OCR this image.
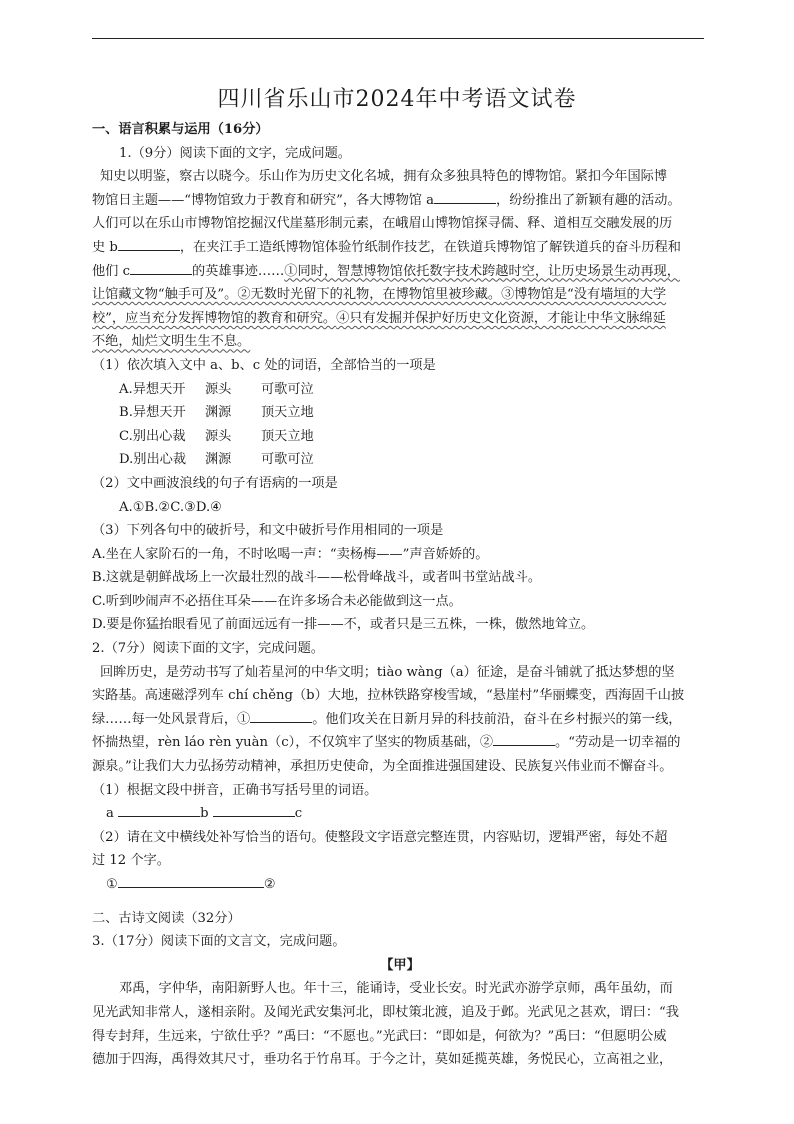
四川省乐山市2024年中考语文试卷
一、语言积累与运用（16分）
1.（9分）阅读下面的文字，完成问题。
知史以明鉴，察古以晓今。乐山作为历史文化名城，拥有众多独具特色的博物馆。紧扣今年国际博
物馆日主题——“博物馆致力于教育和研究”，各大博物馆 a	，纷纷推出了新颖有趣的活动。
人们可以在乐山市博物馆挖掘汉代崖墓形制元素，在峨眉山博物馆探寻儒、释、道相互交融发展的历
史 b	，在夹江手工造纸博物馆体验竹纸制作技艺，在铁道兵博物馆了解铁道兵的奋斗历程和
他们 c	的英雄事迹……①同时，智慧博物馆依托数字技术跨越时空，让历史场景生动再现，
让馆藏文物“触手可及”。②无数时光留下的礼物，在博物馆里被珍藏。③博物馆是“没有墙垣的大学
校”，应当充分发挥博物馆的教育和研究。④只有发掘并保护好历史文化资源，才能让中华文脉绵延
不绝，灿烂文明生生不息。
（1）依次填入文中 a、b、c 处的词语，全部恰当的一项是
A.异想天开 源头 可歌可泣
B.异想天开 渊源 顶天立地
C.别出心裁 源头 顶天立地
D.别出心裁 渊源 可歌可泣
（2）文中画波浪线的句子有语病的一项是
A.①B.②C.③D.④
（3）下列各句中的破折号，和文中破折号作用相同的一项是
A.坐在人家阶石的一角，不时吆喝一声：“卖杨梅——”声音娇娇的。
B.这就是朝鲜战场上一次最壮烈的战斗——松骨峰战斗，或者叫书堂站战斗。
C.听到吵闹声不必捂住耳朵——在许多场合未必能做到这一点。
D.要是你猛抬眼看见了前面远远有一排——不，或者只是三五株，一株，傲然地耸立。
2.（7分）阅读下面的文字，完成问题。
回眸历史，是劳动书写了灿若星河的中华文明；tiào wàng（a）征途，是奋斗铺就了抵达梦想的坚
实路基。高速磁浮列车 chí chěng（b）大地，拉林铁路穿梭雪域，“悬崖村”华丽蝶变，西海固千山披
绿……每一处风景背后，①	。他们攻关在日新月异的科技前沿，奋斗在乡村振兴的第一线，
怀揣热望，rèn láo rèn yuàn（c），不仅筑牢了坚实的物质基础，②	。“劳动是一切幸福的
源泉。”让我们大力弘扬劳动精神，承担历史使命，为全面推进强国建设、民族复兴伟业而不懈奋斗。
（1）根据文段中拼音，正确书写括号里的词语。
a	b	c
（2）请在文中横线处补写恰当的语句。使整段文字语意完整连贯，内容贴切，逻辑严密，每处不超
过 12 个字。
①	②
二、古诗文阅读（32分）
3.（17分）阅读下面的文言文，完成问题。
【甲】
邓禹，字仲华，南阳新野人也。年十三，能诵诗，受业长安。时光武亦游学京师，禹年虽幼，而
见光武知非常人，遂相亲附。及闻光武安集河北，即杖策北渡，追及于邺。光武见之甚欢，谓曰：“我
得专封拜，生远来，宁欲仕乎？”禹曰：“不愿也。”光武曰：“即如是，何欲为？”禹曰：“但愿明公威
德加于四海，禹得效其尺寸，垂功名于竹帛耳。于今之计，莫如延揽英雄，务悦民心，立高祖之业，
